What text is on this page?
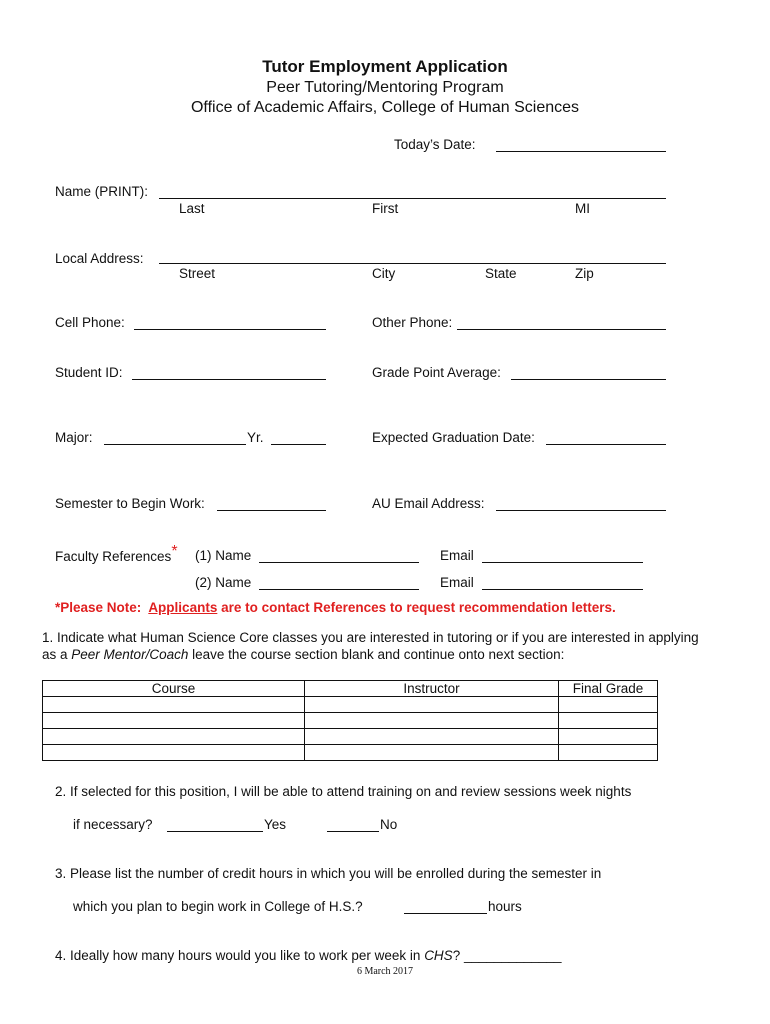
Tutor Employment Application
Peer Tutoring/Mentoring Program
Office of Academic Affairs, College of Human Sciences
Today’s Date:
Name (PRINT):
Last	First	MI
Local Address:
Street	City	State	Zip
Cell Phone:	Other Phone:
Student ID:	Grade Point Average:
Major:	Yr.	Expected Graduation Date:
Semester to Begin Work:	AU Email Address:
Faculty References* (1) Name	Email
(2) Name	Email
*Please Note: Applicants are to contact References to request recommendation letters.
1. Indicate what Human Science Core classes you are interested in tutoring or if you are interested in applying
as a Peer Mentor/Coach leave the course section blank and continue onto next section:
Course	Instructor	Final Grade

2. If selected for this position, I will be able to attend training on and review sessions week nights
if necessary?	Yes	No
3. Please list the number of credit hours in which you will be enrolled during the semester in
which you plan to begin work in College of H.S.?	hours
4. Ideally how many hours would you like to work per week in CHS? _____________
6 March 2017
